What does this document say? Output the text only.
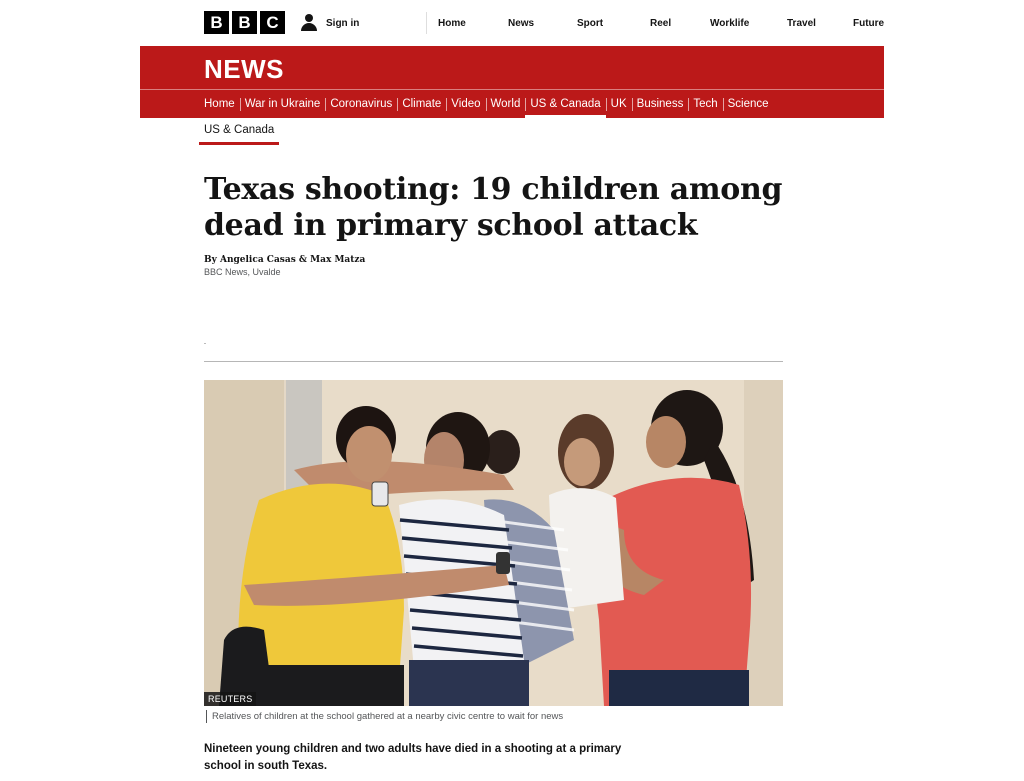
B B C	Sign in	Home	News	Sport	Reel	Worklife	Travel	Future
NEWS
Home War in Ukraine Coronavirus Climate Video World US & Canada UK Business Tech Science
US & Canada
Texas shooting: 19 children among dead in primary school attack
By Angelica Casas & Max Matza
BBC News, Uvalde
REUTERS
Relatives of children at the school gathered at a nearby civic centre to wait for news

Nineteen young children and two adults have died in a shooting at a primary school in south Texas.
